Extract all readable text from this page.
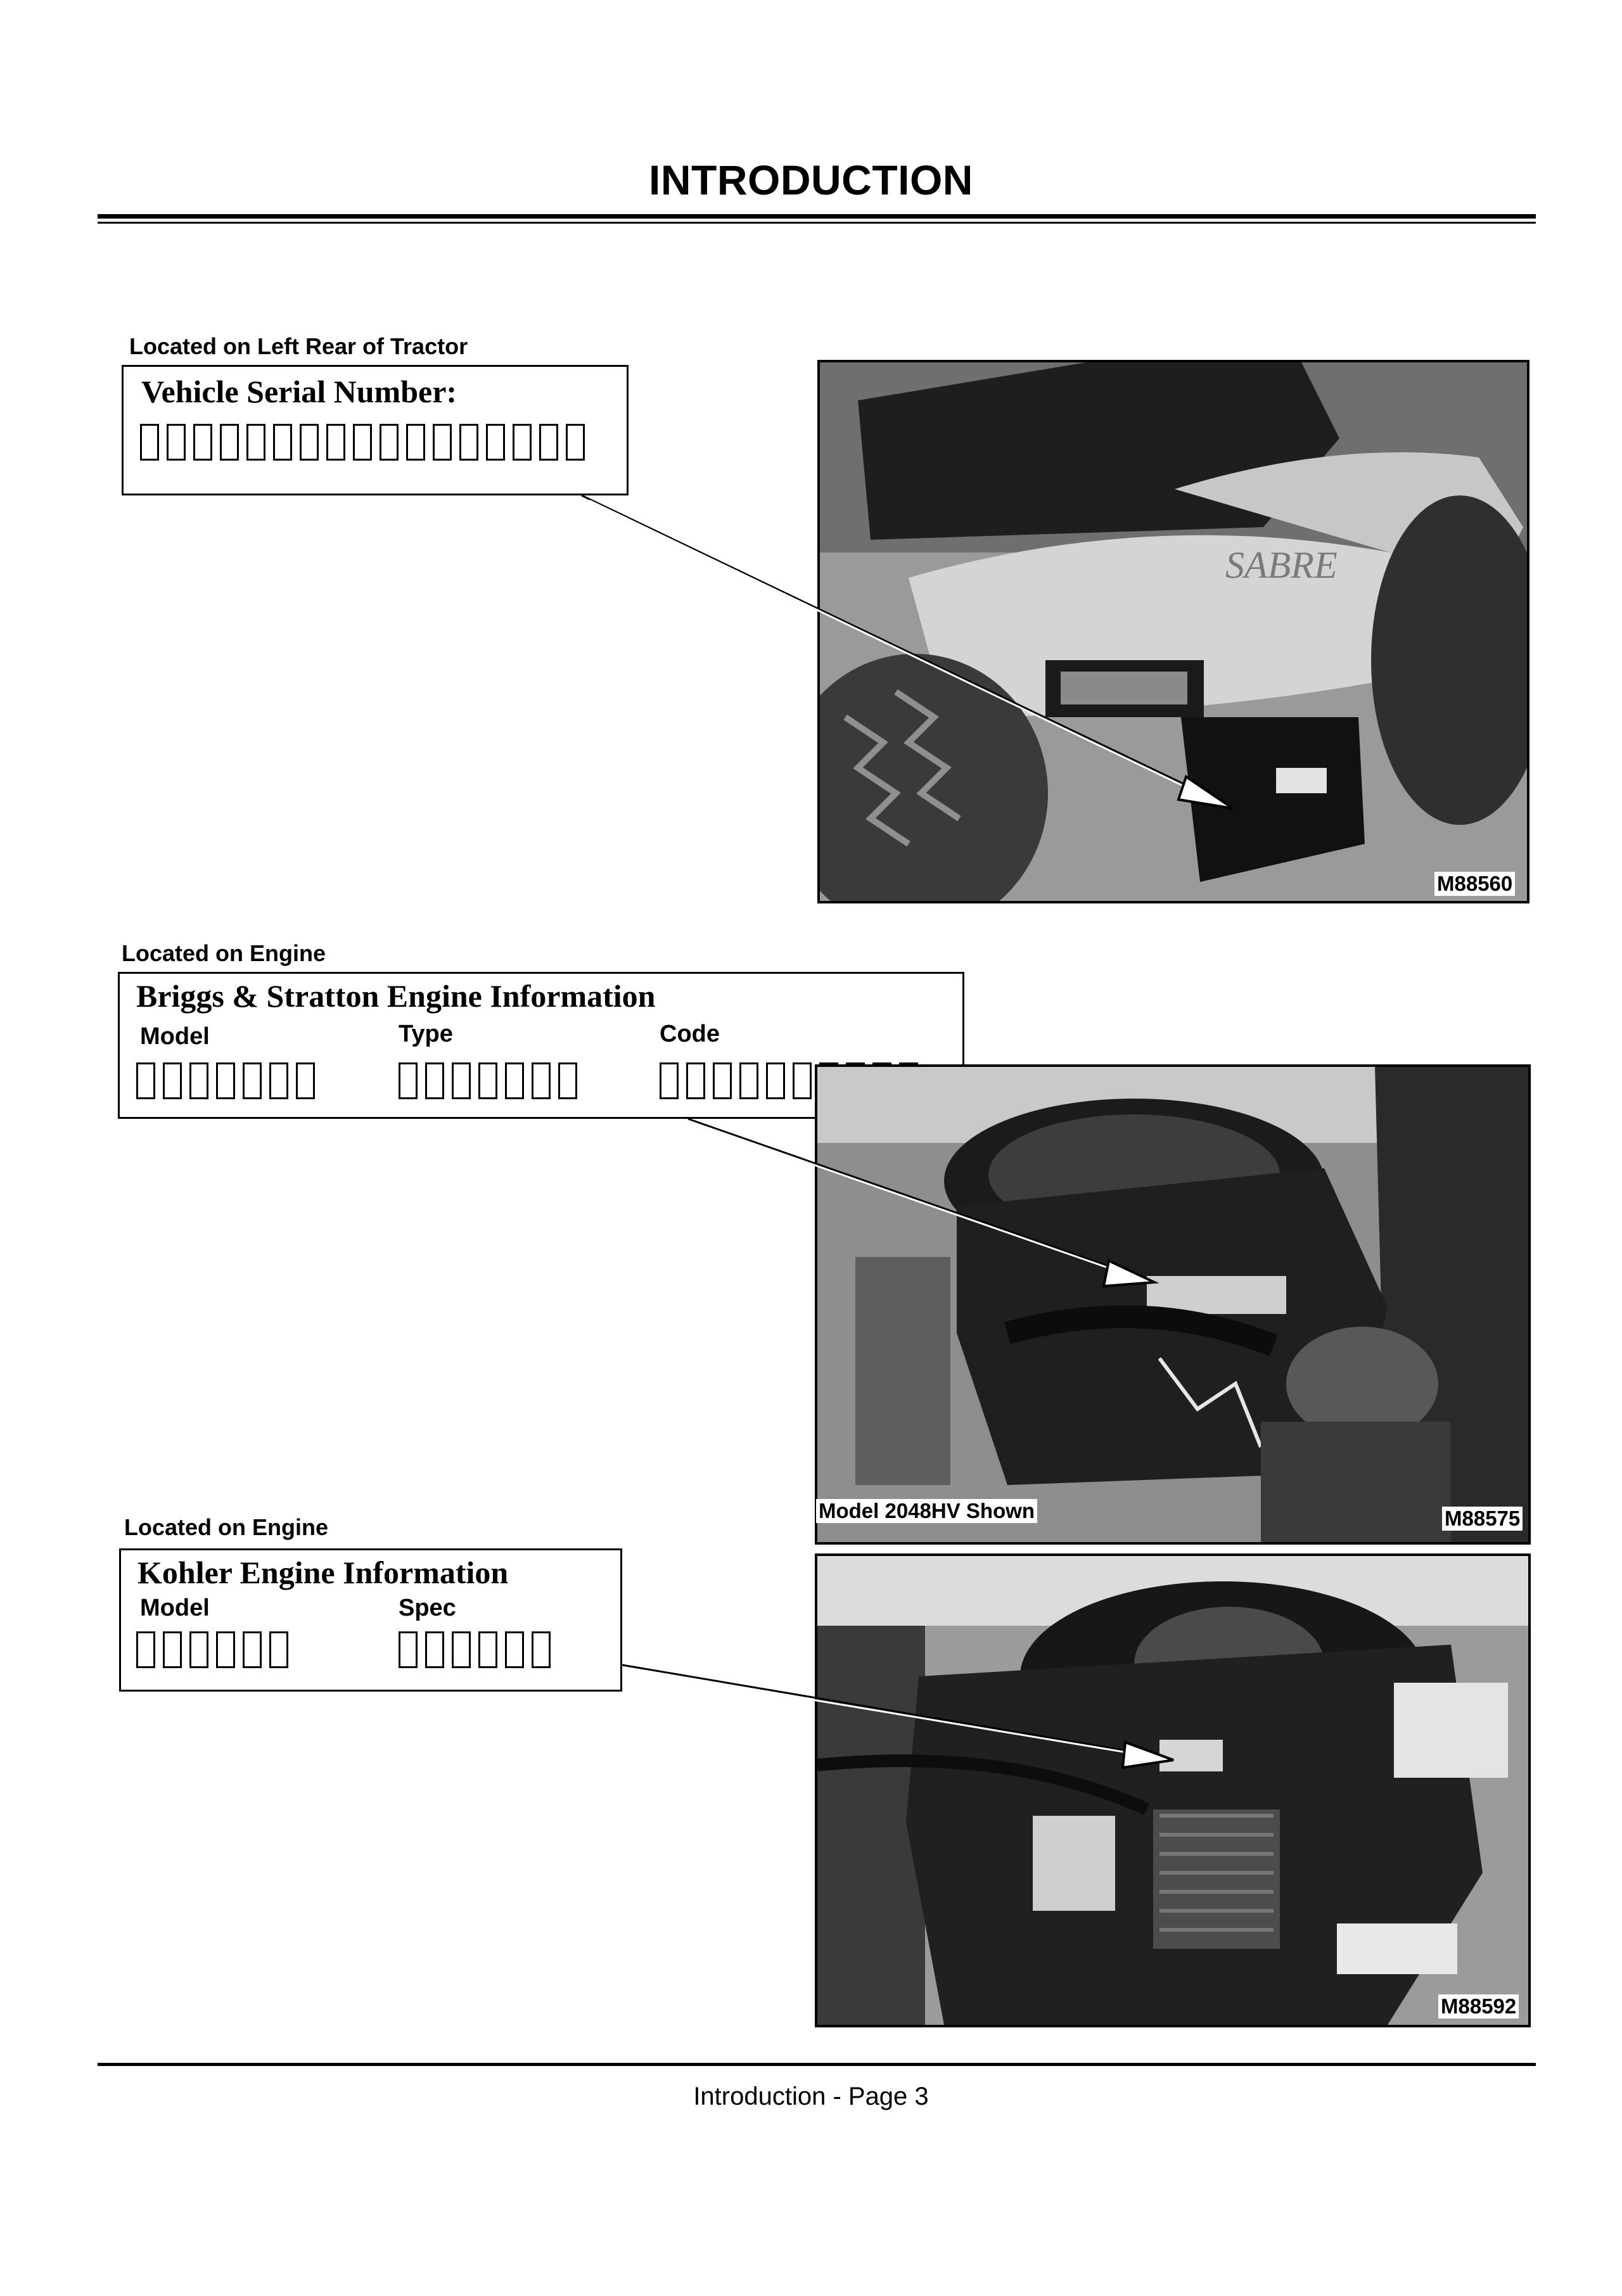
INTRODUCTION
Located on Left Rear of Tractor
Vehicle Serial Number:
SABRE
M88560
Located on Engine
Briggs & Stratton Engine Information
Model	Type	Code
Model 2048HV Shown	M88575
Located on Engine
Kohler Engine Information
Model	Spec
M88592
Introduction - Page 3
